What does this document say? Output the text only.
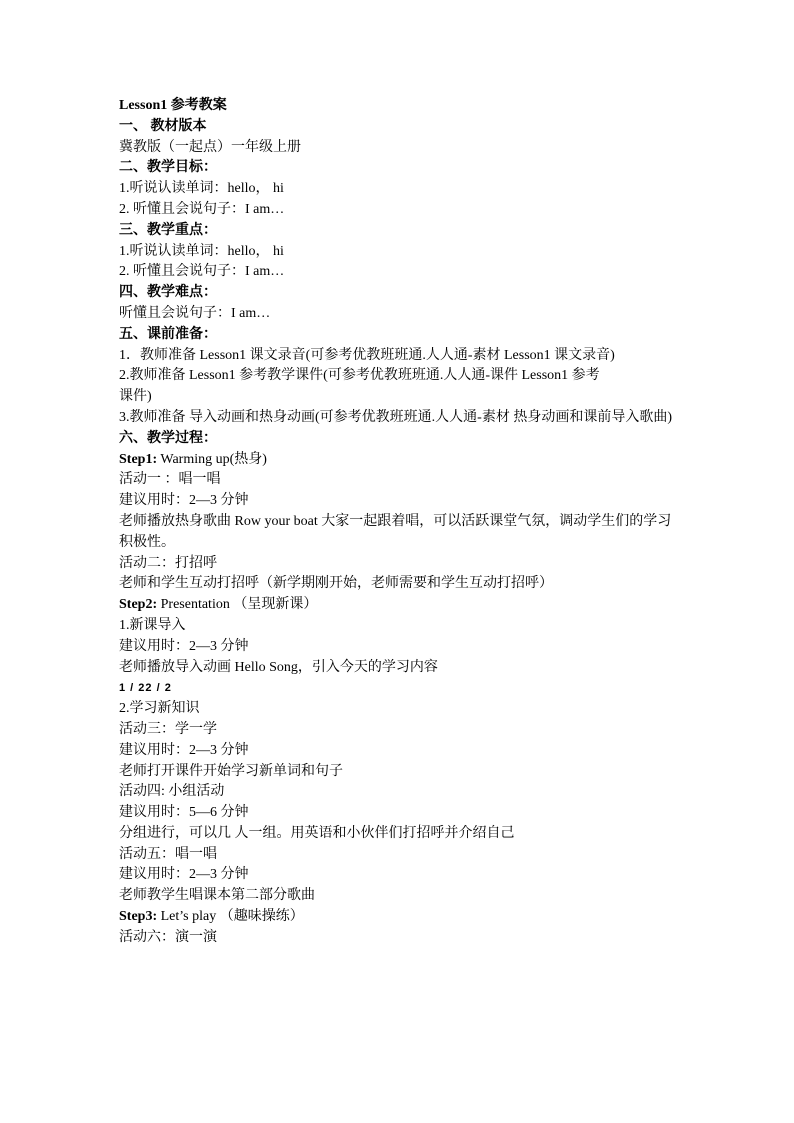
Lesson1 参考教案
一、 教材版本
冀教版（一起点）一年级上册
二、教学目标：
1.听说认读单词：hello， hi
2. 听懂且会说句子：I am…
三、教学重点：
1.听说认读单词：hello， hi
2. 听懂且会说句子：I am…
四、教学难点：
听懂且会说句子：I am…
五、课前准备：
1．教师准备 Lesson1 课文录音(可参考优教班班通.人人通-素材 Lesson1 课文录音)
2.教师准备 Lesson1 参考教学课件(可参考优教班班通.人人通-课件 Lesson1 参考
课件)
3.教师准备 导入动画和热身动画(可参考优教班班通.人人通-素材 热身动画和课前导入歌曲)
六、教学过程：
Step1: Warming up(热身)
活动一 ：唱一唱
建议用时：2—3 分钟
老师播放热身歌曲 Row your boat 大家一起跟着唱，可以活跃课堂气氛，调动学生们的学习积极性。
活动二：打招呼
老师和学生互动打招呼（新学期刚开始，老师需要和学生互动打招呼）
Step2: Presentation （呈现新课）
1.新课导入
建议用时：2—3 分钟
老师播放导入动画 Hello Song，引入今天的学习内容
1 / 22 / 2
2.学习新知识
活动三：学一学
建议用时：2—3 分钟
老师打开课件开始学习新单词和句子
活动四: 小组活动
建议用时：5—6 分钟
分组进行，可以几 人一组。用英语和小伙伴们打招呼并介绍自己
活动五：唱一唱
建议用时：2—3 分钟
老师教学生唱课本第二部分歌曲
Step3: Let’s play （趣味操练）
活动六：演一演
